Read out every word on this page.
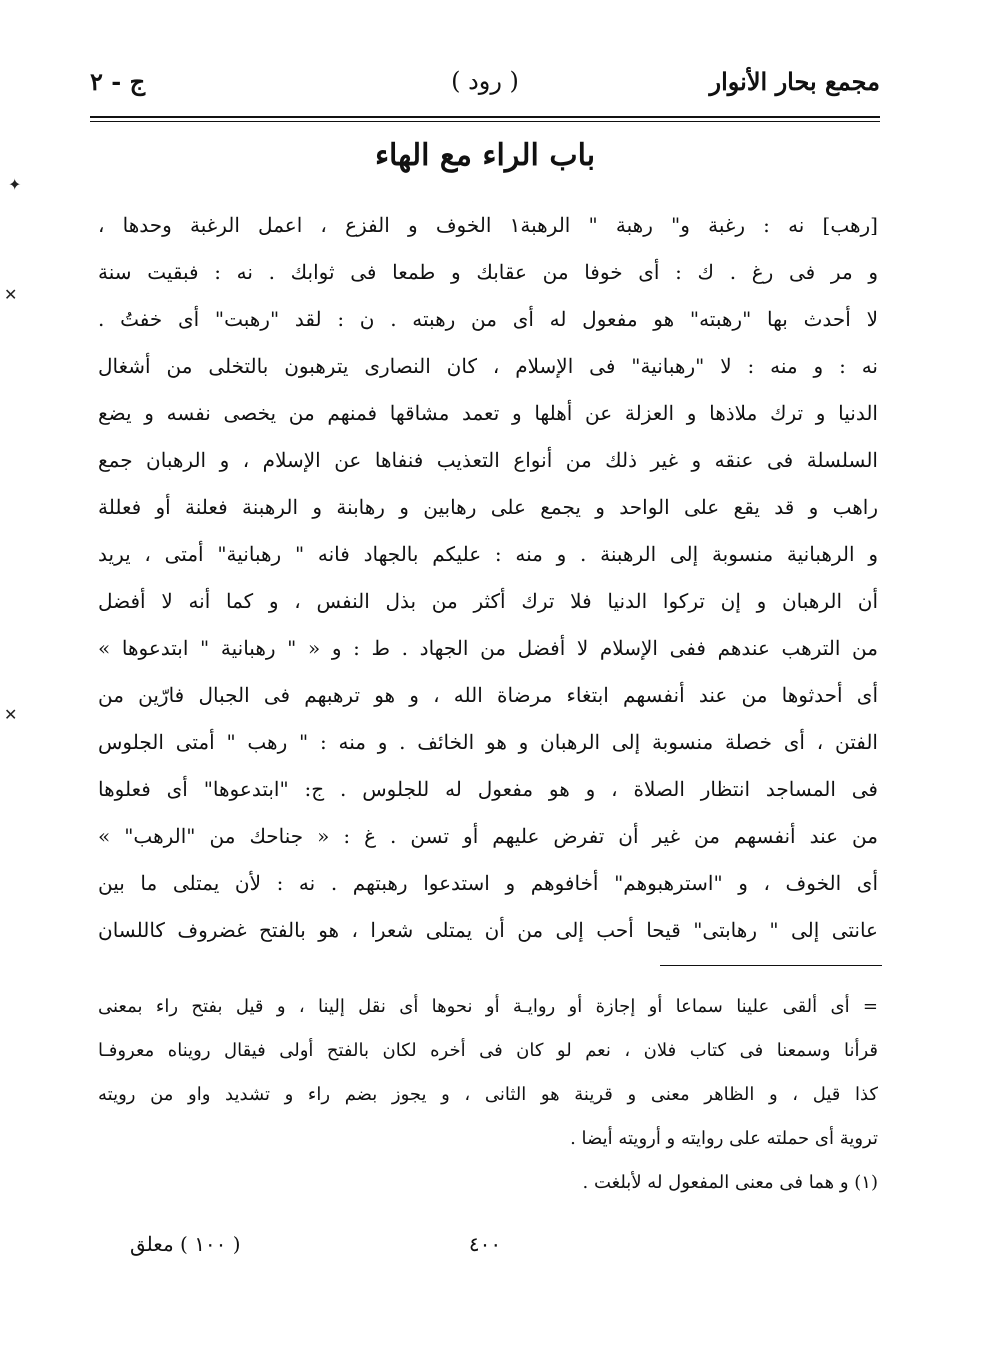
مجمع بحار الأنوار
( رود )
ج - ٢
باب الراء مع الهاء
[رهب] نه : رغبة و" رهبة " الرهبة١ الخوف و الفزع ، اعمل الرغبة وحدها ،
و مر فى رغ . ك : أى خوفا من عقابك و طمعا فى ثوابك . نه : فبقيت سنة
لا أحدث بها "رهبته" هو مفعول له أى من رهبته . ن : لقد "رهبت" أى خفتُ .
نه : و منه : لا "رهبانية" فى الإسلام ، كان النصارى يترهبون بالتخلى من أشغال
الدنيا و ترك ملاذها و العزلة عن أهلها و تعمد مشاقها فمنهم من يخصى نفسه و يضع
السلسلة فى عنقه و غير ذلك من أنواع التعذيب فنفاها عن الإسلام ، و الرهبان جمع
راهب و قد يقع على الواحد و يجمع على رهابين و رهابنة و الرهبنة فعلنة أو فعللة
و الرهبانية منسوبة إلى الرهبنة . و منه : عليكم بالجهاد فانه " رهبانية" أمتى ، يريد
أن الرهبان و إن تركوا الدنيا فلا ترك أكثر من بذل النفس ، و كما أنه لا أفضل
من الترهب عندهم ففى الإسلام لا أفضل من الجهاد . ط : و « " رهبانية " ابتدعوها »
أى أحدثوها من عند أنفسهم ابتغاء مرضاة الله ، و هو ترهبهم فى الجبال فارّين من
الفتن ، أى خصلة منسوبة إلى الرهبان و هو الخائف . و منه : " رهب " أمتى الجلوس
فى المساجد انتظار الصلاة ، و هو مفعول له للجلوس . ج: "ابتدعوها" أى فعلوها
من عند أنفسهم من غير أن تفرض عليهم أو تسن . غ : « جناحك من "الرهب" »
أى الخوف ، و "استرهبوهم" أخافوهم و استدعوا رهبتهم . نه : لأن يمتلى ما بين
عانتى إلى " رهابتى" قيحا أحب إلى من أن يمتلى شعرا ، هو بالفتح غضروف كاللسان
= أى ألقى علينا سماعا أو إجازة أو روايـة أو نحوها أى نقل إلينا ، و قيل بفتح راء بمعنى
قرأنا وسمعنا فى كتاب فلان ، نعم لو كان فى أخره لكان بالفتح أولى فيقال رويناه معروفـا
كذا قيل ، و الظاهر معنى و قرينة هو الثانى ، و يجوز بضم راء و تشديد واو من رويته
تروية أى حملته على روايته و أرويته أيضا .
(١) و هما فى معنى المفعول له لأبلغت .
٤٠٠
( ١٠٠ ) معلق
✦
✕
✕
